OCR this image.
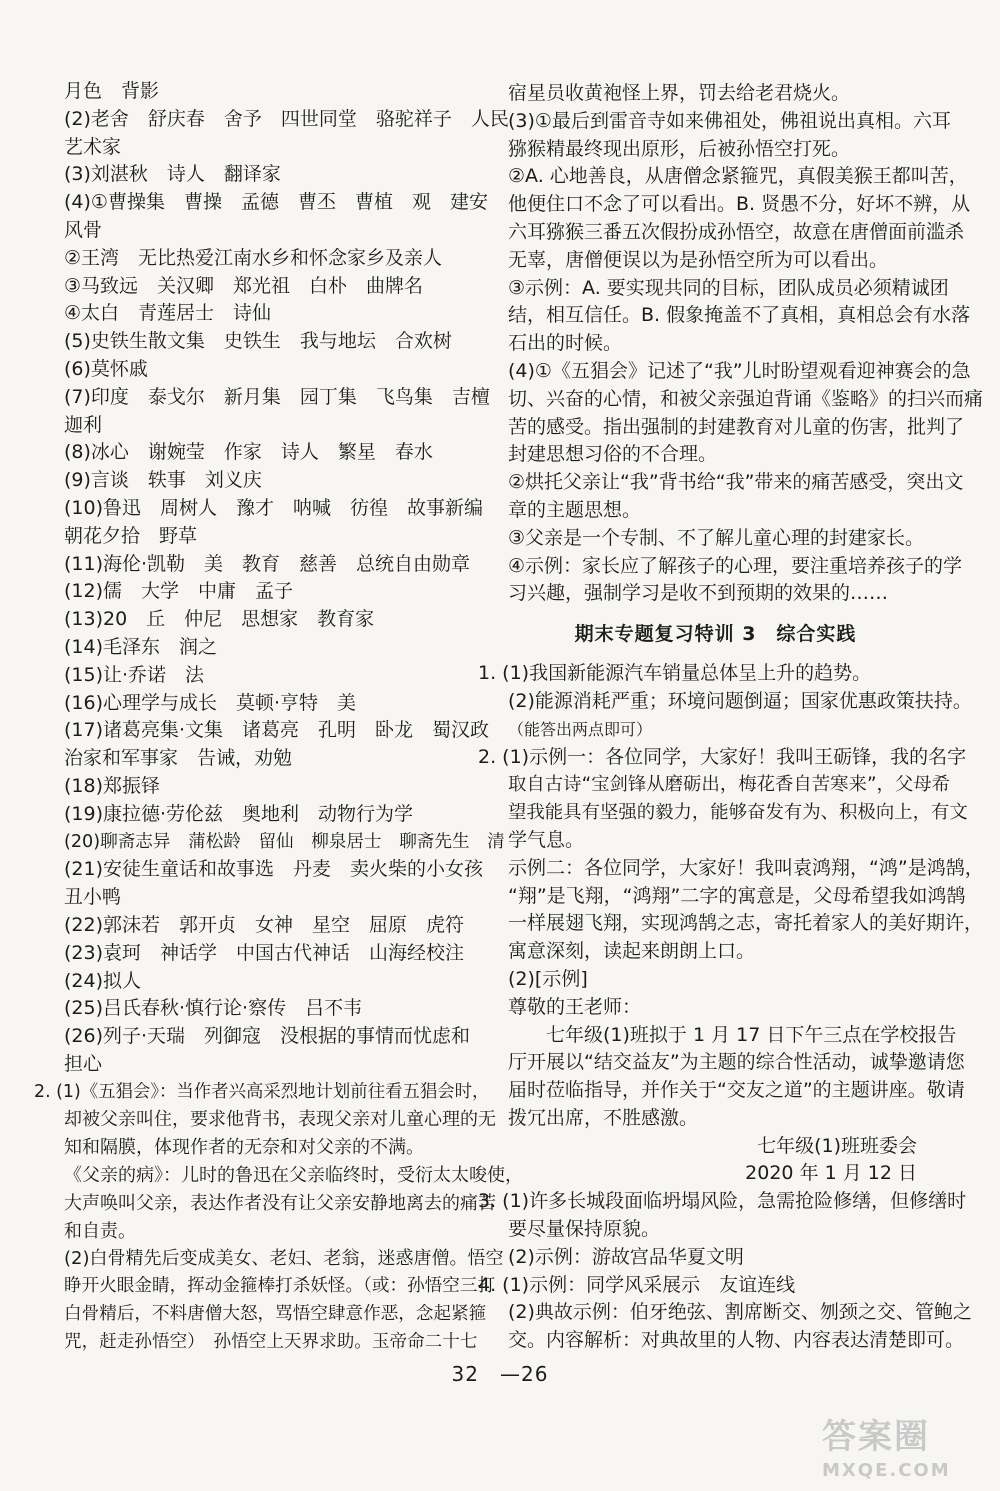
月色　背影
(2)老舍　舒庆春　舍予　四世同堂　骆驼祥子　人民
艺术家
(3)刘湛秋　诗人　翻译家
(4)①曹操集　曹操　孟德　曹丕　曹植　观　建安
风骨
②王湾　无比热爱江南水乡和怀念家乡及亲人
③马致远　关汉卿　郑光祖　白朴　曲牌名
④太白　青莲居士　诗仙
(5)史铁生散文集　史铁生　我与地坛　合欢树
(6)莫怀戚
(7)印度　泰戈尔　新月集　园丁集　飞鸟集　吉檀
迦利
(8)冰心　谢婉莹　作家　诗人　繁星　春水
(9)言谈　轶事　刘义庆
(10)鲁迅　周树人　豫才　呐喊　彷徨　故事新编
朝花夕拾　野草
(11)海伦·凯勒　美　教育　慈善　总统自由勋章
(12)儒　大学　中庸　孟子
(13)20　丘　仲尼　思想家　教育家
(14)毛泽东　润之
(15)让·乔诺　法
(16)心理学与成长　莫顿·亨特　美
(17)诸葛亮集·文集　诸葛亮　孔明　卧龙　蜀汉政
治家和军事家　告诫，劝勉
(18)郑振铎
(19)康拉德·劳伦兹　奥地利　动物行为学
(20)聊斋志异　蒲松龄　留仙　柳泉居士　聊斋先生　清
(21)安徒生童话和故事选　丹麦　卖火柴的小女孩
丑小鸭
(22)郭沫若　郭开贞　女神　星空　屈原　虎符
(23)袁珂　神话学　中国古代神话　山海经校注
(24)拟人
(25)吕氏春秋·慎行论·察传　吕不韦
(26)列子·天瑞　列御寇　没根据的事情而忧虑和
担心
2. (1)《五猖会》：当作者兴高采烈地计划前往看五猖会时，
却被父亲叫住，要求他背书，表现父亲对儿童心理的无
知和隔膜，体现作者的无奈和对父亲的不满。
《父亲的病》：儿时的鲁迅在父亲临终时，受衍太太唆使，
大声唤叫父亲，表达作者没有让父亲安静地离去的痛苦
和自责。
(2)白骨精先后变成美女、老妇、老翁，迷惑唐僧。悟空
睁开火眼金睛，挥动金箍棒打杀妖怪。（或：孙悟空三打
白骨精后，不料唐僧大怒，骂悟空肆意作恶，念起紧箍
咒，赶走孙悟空）　孙悟空上天界求助。玉帝命二十七
宿星员收黄袍怪上界，罚去给老君烧火。
(3)①最后到雷音寺如来佛祖处，佛祖说出真相。六耳
猕猴精最终现出原形，后被孙悟空打死。
②A. 心地善良，从唐僧念紧箍咒，真假美猴王都叫苦，
他便住口不念了可以看出。B. 贤愚不分，好坏不辨，从
六耳猕猴三番五次假扮成孙悟空，故意在唐僧面前滥杀
无辜，唐僧便误以为是孙悟空所为可以看出。
③示例：A. 要实现共同的目标，团队成员必须精诚团
结，相互信任。B. 假象掩盖不了真相，真相总会有水落
石出的时候。
(4)①《五猖会》记述了“我”儿时盼望观看迎神赛会的急
切、兴奋的心情，和被父亲强迫背诵《鉴略》的扫兴而痛
苦的感受。指出强制的封建教育对儿童的伤害，批判了
封建思想习俗的不合理。
②烘托父亲让“我”背书给“我”带来的痛苦感受，突出文
章的主题思想。
③父亲是一个专制、不了解儿童心理的封建家长。
④示例：家长应了解孩子的心理，要注重培养孩子的学
习兴趣，强制学习是收不到预期的效果的……
期末专题复习特训 3　综合实践
1. (1)我国新能源汽车销量总体呈上升的趋势。
(2)能源消耗严重；环境问题倒逼；国家优惠政策扶持。
（能答出两点即可）
2. (1)示例一：各位同学，大家好！我叫王砺锋，我的名字
取自古诗“宝剑锋从磨砺出，梅花香自苦寒来”，父母希
望我能具有坚强的毅力，能够奋发有为、积极向上，有文
学气息。
示例二：各位同学，大家好！我叫袁鸿翔，“鸿”是鸿鹄，
“翔”是飞翔，“鸿翔”二字的寓意是，父母希望我如鸿鹄
一样展翅飞翔，实现鸿鹄之志，寄托着家人的美好期许，
寓意深刻，读起来朗朗上口。
(2)[示例]
尊敬的王老师：
七年级(1)班拟于 1 月 17 日下午三点在学校报告
厅开展以“结交益友”为主题的综合性活动，诚挚邀请您
届时莅临指导，并作关于“交友之道”的主题讲座。敬请
拨冗出席，不胜感激。
七年级(1)班班委会
2020 年 1 月 12 日
3. (1)许多长城段面临坍塌风险，急需抢险修缮，但修缮时
要尽量保持原貌。
(2)示例：游故宫品华夏文明
4. (1)示例：同学风采展示　友谊连线
(2)典故示例：伯牙绝弦、割席断交、刎颈之交、管鲍之
交。内容解析：对典故里的人物、内容表达清楚即可。
32　—26
答案圈
MXQE.COM
